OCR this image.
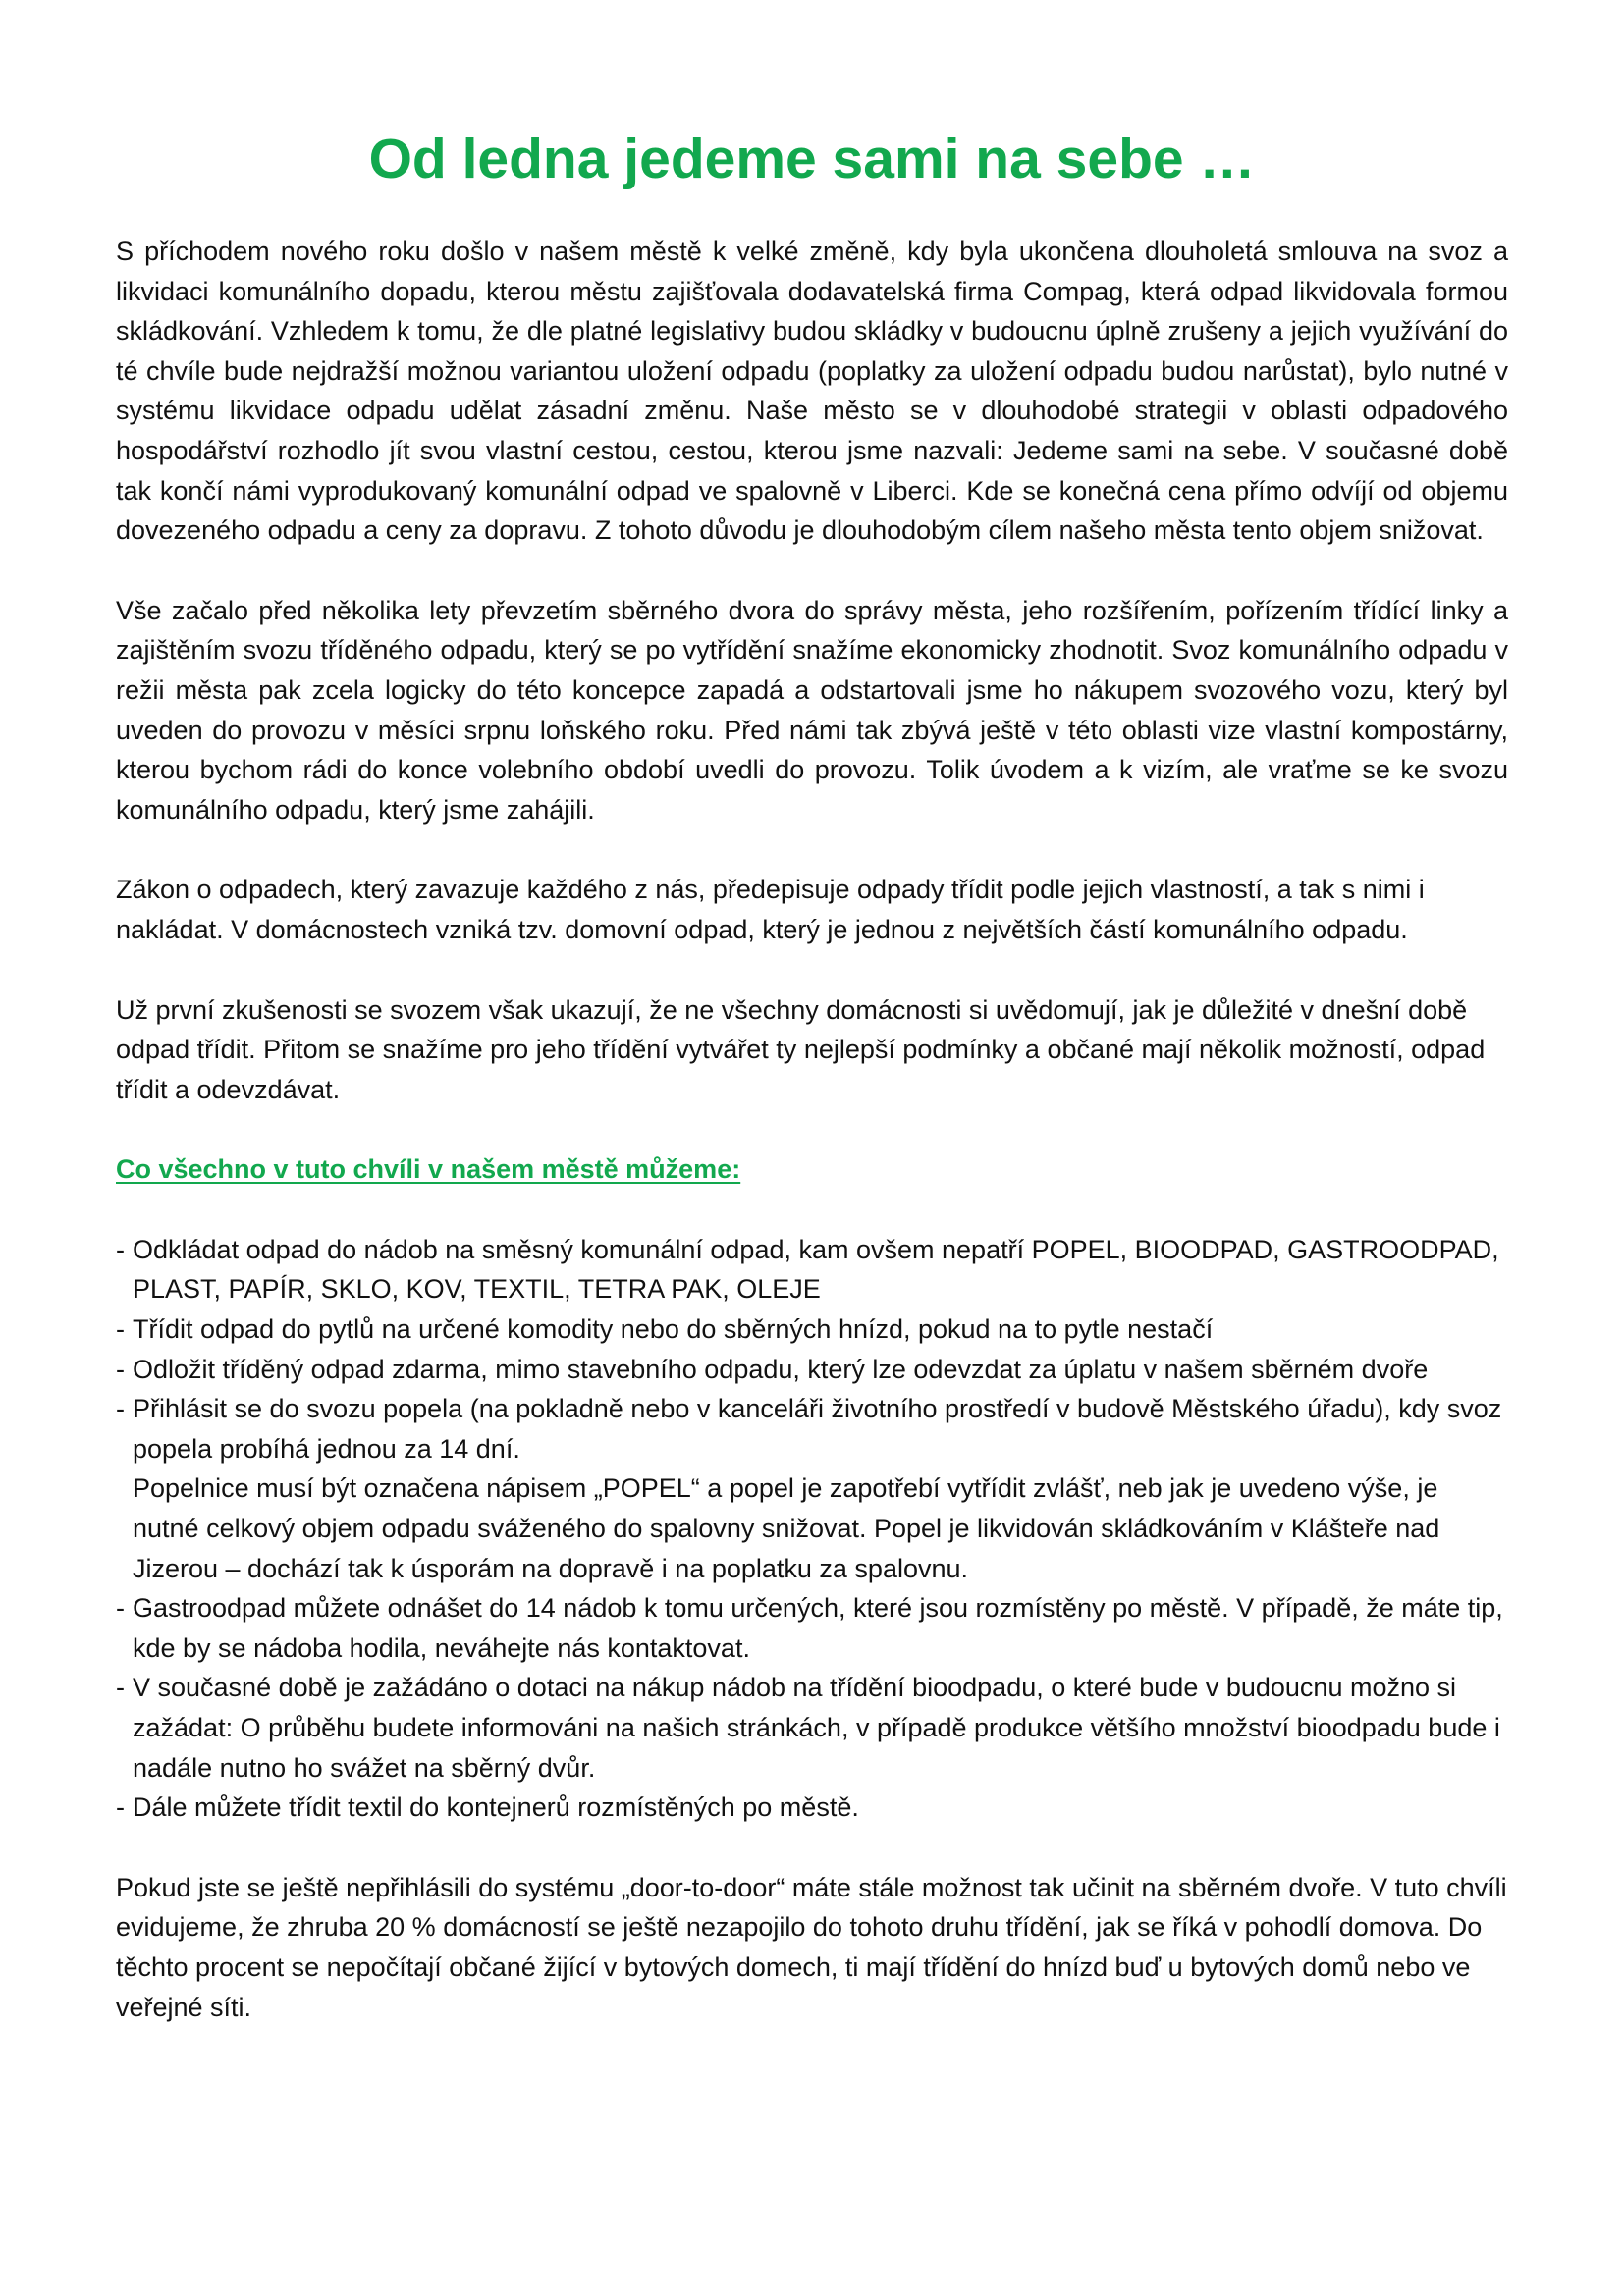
Od ledna jedeme sami na sebe …

S příchodem nového roku došlo v našem městě k velké změně, kdy byla ukončena dlouholetá smlouva na svoz a likvidaci komunálního dopadu, kterou městu zajišťovala dodavatelská firma Compag, která odpad likvidovala formou skládkování. Vzhledem k tomu, že dle platné legislativy budou skládky v budoucnu úplně zrušeny a jejich využívání do té chvíle bude nejdražší možnou variantou uložení odpadu (poplatky za uložení odpadu budou narůstat), bylo nutné v systému likvidace odpadu udělat zásadní změnu. Naše město se v dlouhodobé strategii v oblasti odpadového hospodářství rozhodlo jít svou vlastní cestou, cestou, kterou jsme nazvali: Jedeme sami na sebe. V současné době tak končí námi vyprodukovaný komunální odpad ve spalovně v Liberci. Kde se konečná cena přímo odvíjí od objemu dovezeného odpadu a ceny za dopravu. Z tohoto důvodu je dlouhodobým cílem našeho města tento objem snižovat.

Vše začalo před několika lety převzetím sběrného dvora do správy města, jeho rozšířením, pořízením třídící linky a zajištěním svozu tříděného odpadu, který se po vytřídění snažíme ekonomicky zhodnotit. Svoz komunálního odpadu v režii města pak zcela logicky do této koncepce zapadá a odstartovali jsme ho nákupem svozového vozu, který byl uveden do provozu v měsíci srpnu loňského roku. Před námi tak zbývá ještě v této oblasti vize vlastní kompostárny, kterou bychom rádi do konce volebního období uvedli do provozu. Tolik úvodem a k vizím, ale vraťme se ke svozu komunálního odpadu, který jsme zahájili.

Zákon o odpadech, který zavazuje každého z nás, předepisuje odpady třídit podle jejich vlastností, a tak s nimi i nakládat. V domácnostech vzniká tzv. domovní odpad, který je jednou z největších částí komunálního odpadu.

Už první zkušenosti se svozem však ukazují, že ne všechny domácnosti si uvědomují, jak je důležité v dnešní době odpad třídit. Přitom se snažíme pro jeho třídění vytvářet ty nejlepší podmínky a občané mají několik možností, odpad třídit a odevzdávat.

Co všechno v tuto chvíli v našem městě můžeme:

- Odkládat odpad do nádob na směsný komunální odpad, kam ovšem nepatří POPEL, BIOODPAD, GASTROODPAD, PLAST, PAPÍR, SKLO, KOV, TEXTIL, TETRA PAK, OLEJE
- Třídit odpad do pytlů na určené komodity nebo do sběrných hnízd, pokud na to pytle nestačí
- Odložit tříděný odpad zdarma, mimo stavebního odpadu, který lze odevzdat za úplatu v našem sběrném dvoře
- Přihlásit se do svozu popela (na pokladně nebo v kanceláři životního prostředí v budově Městského úřadu), kdy svoz popela probíhá jednou za 14 dní.
Popelnice musí být označena nápisem „POPEL“ a popel je zapotřebí vytřídit zvlášť, neb jak je uvedeno výše, je nutné celkový objem odpadu sváženého do spalovny snižovat. Popel je likvidován skládkováním v Klášteře nad Jizerou – dochází tak k úsporám na dopravě i na poplatku za spalovnu.
- Gastroodpad můžete odnášet do 14 nádob k tomu určených, které jsou rozmístěny po městě. V případě, že máte tip, kde by se nádoba hodila, neváhejte nás kontaktovat.
- V současné době je zažádáno o dotaci na nákup nádob na třídění bioodpadu, o které bude v budoucnu možno si zažádat: O průběhu budete informováni na našich stránkách, v případě produkce většího množství bioodpadu bude i nadále nutno ho svážet na sběrný dvůr.
- Dále můžete třídit textil do kontejnerů rozmístěných po městě.

Pokud jste se ještě nepřihlásili do systému „door-to-door“ máte stále možnost tak učinit na sběrném dvoře. V tuto chvíli evidujeme, že zhruba 20 % domácností se ještě nezapojilo do tohoto druhu třídění, jak se říká v pohodlí domova. Do těchto procent se nepočítají občané žijící v bytových domech, ti mají třídění do hnízd buď u bytových domů nebo ve veřejné síti.
